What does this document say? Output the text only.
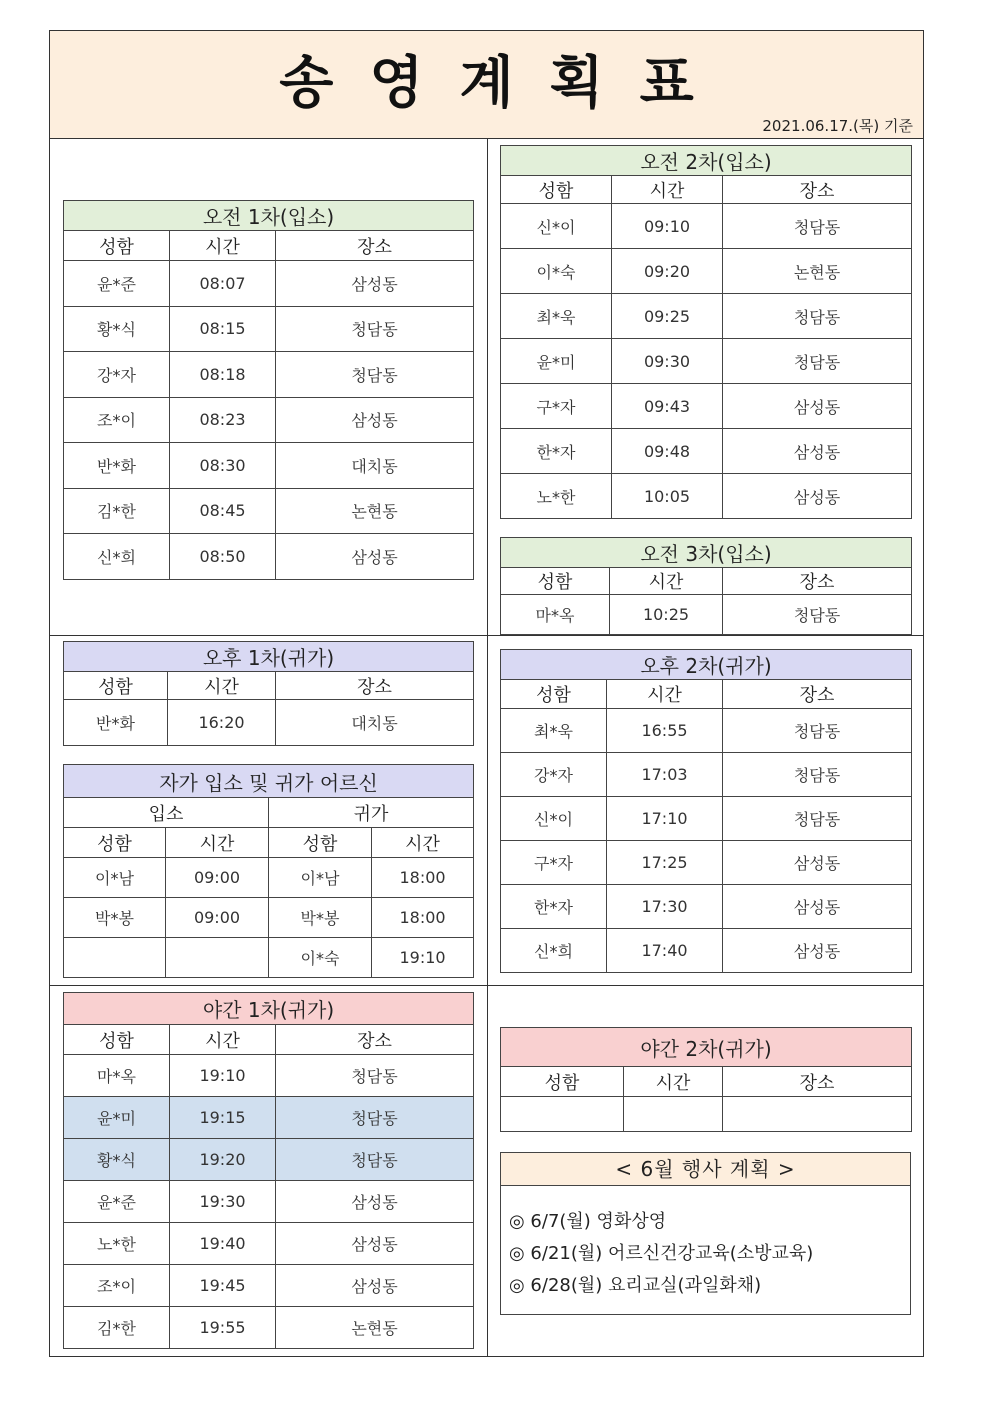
송영계획표
2021.06.17.(목) 기준
오전 1차(입소)		
성함	시간	장소
윤*준	08:07	삼성동
황*식	08:15	청담동
강*자	08:18	청담동
조*이	08:23	삼성동
반*화	08:30	대치동
김*한	08:45	논현동
신*희	08:50	삼성동
오전 2차(입소)		
성함	시간	장소
신*이	09:10	청담동
이*숙	09:20	논현동
최*욱	09:25	청담동
윤*미	09:30	청담동
구*자	09:43	삼성동
한*자	09:48	삼성동
노*한	10:05	삼성동
오전 3차(입소)		
성함	시간	장소
마*옥	10:25	청담동
오후 1차(귀가)		
성함	시간	장소
반*화	16:20	대치동
자가 입소 및 귀가 어르신			
입소		귀가	
성함	시간	성함	시간
이*남	09:00	이*남	18:00
박*봉	09:00	박*봉	18:00
		이*숙	19:10
오후 2차(귀가)		
성함	시간	장소
최*욱	16:55	청담동
강*자	17:03	청담동
신*이	17:10	청담동
구*자	17:25	삼성동
한*자	17:30	삼성동
신*희	17:40	삼성동
야간 1차(귀가)		
성함	시간	장소
마*옥	19:10	청담동
윤*미	19:15	청담동
황*식	19:20	청담동
윤*준	19:30	삼성동
노*한	19:40	삼성동
조*이	19:45	삼성동
김*한	19:55	논현동
야간 2차(귀가)		
성함	시간	장소

< 6월 행사 계획 >
◎ 6/7(월) 영화상영
◎ 6/21(월) 어르신건강교육(소방교육)
◎ 6/28(월) 요리교실(과일화채)
